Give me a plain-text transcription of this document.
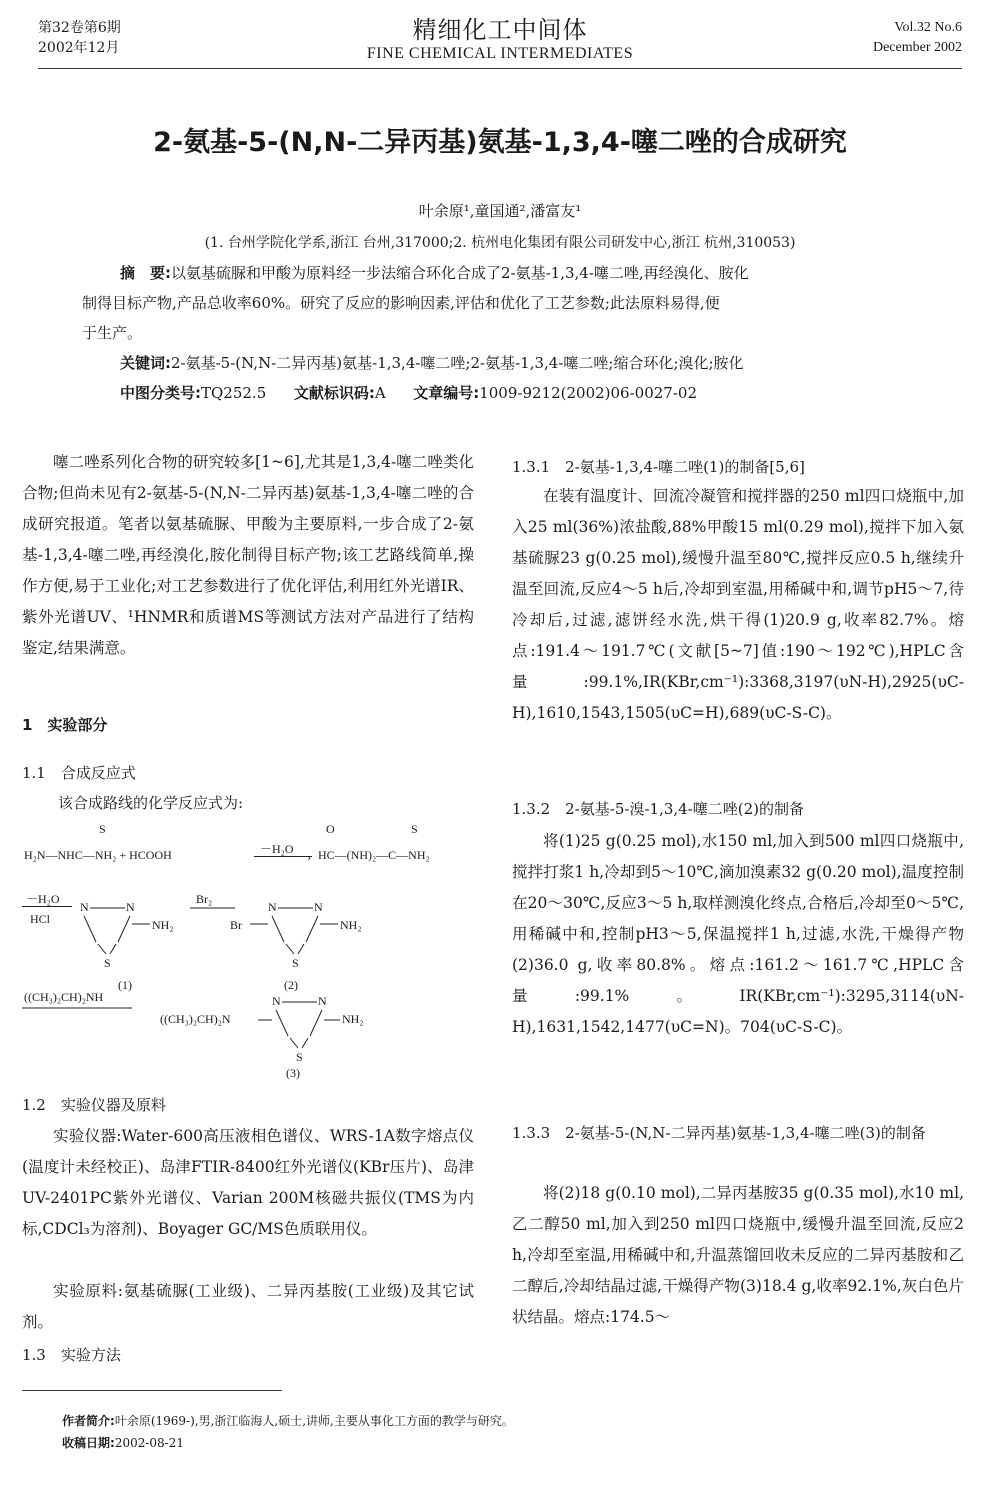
第32卷第6期
2002年12月
精细化工中间体
FINE CHEMICAL INTERMEDIATES
Vol.32 No.6
December 2002
2-氨基-5-(N,N-二异丙基)氨基-1,3,4-噻二唑的合成研究
叶余原¹,童国通²,潘富友¹
(1. 台州学院化学系,浙江 台州,317000;2. 杭州电化集团有限公司研发中心,浙江 杭州,310053)

摘　要:以氨基硫脲和甲酸为原料经一步法缩合环化合成了2-氨基-1,3,4-噻二唑,再经溴化、胺化

制得目标产物,产品总收率60%。研究了反应的影响因素,评估和优化了工艺参数;此法原料易得,便

于生产。

关键词:2-氨基-5-(N,N-二异丙基)氨基-1,3,4-噻二唑;2-氨基-1,3,4-噻二唑;缩合环化;溴化;胺化

中图分类号:TQ252.5 文献标识码:A 文章编号:1009-9212(2002)06-0027-02

噻二唑系列化合物的研究较多[1~6],尤其是1,3,4-噻二唑类化合物;但尚未见有2-氨基-5-(N,N-二异丙基)氨基-1,3,4-噻二唑的合成研究报道。笔者以氨基硫脲、甲酸为主要原料,一步合成了2-氨基-1,3,4-噻二唑,再经溴化,胺化制得目标产物;该工艺路线简单,操作方便,易于工业化;对工艺参数进行了优化评估,利用红外光谱IR、紫外光谱UV、¹HNMR和质谱MS等测试方法对产品进行了结构鉴定,结果满意。

1　实验部分
1.1　合成反应式
该合成路线的化学反应式为:
S
H₂N—NHC—NH₂ + HCOOH	－H₂O
›
O	S
HC—(NH)₂—C—NH₂
－H₂O
HCl
N	N
S
NH₂
(1)
Br₂
N	N
S
Br	NH₂
(2)
((CH₃)₂CH)₂NH	N	N
S
((CH₃)₂CH)₂N	NH₂
(3)
1.2　实验仪器及原料

实验仪器:Water-600高压液相色谱仪、WRS-1A数字熔点仪(温度计未经校正)、岛津FTIR-8400红外光谱仪(KBr压片)、岛津UV-2401PC紫外光谱仪、Varian 200M核磁共振仪(TMS为内标,CDCl₃为溶剂)、Boyager GC/MS色质联用仪。

实验原料:氨基硫脲(工业级)、二异丙基胺(工业级)及其它试剂。

1.3　实验方法
1.3.1　2-氨基-1,3,4-噻二唑(1)的制备[5,6]

在装有温度计、回流冷凝管和搅拌器的250 ml四口烧瓶中,加入25 ml(36%)浓盐酸,88%甲酸15 ml(0.29 mol),搅拌下加入氨基硫脲23 g(0.25 mol),缓慢升温至80℃,搅拌反应0.5 h,继续升温至回流,反应4～5 h后,冷却到室温,用稀碱中和,调节pH5～7,待冷却后,过滤,滤饼经水洗,烘干得(1)20.9 g,收率82.7%。熔点:191.4～191.7℃(文献[5~7]值:190～192℃),HPLC含量:99.1%,IR(KBr,cm⁻¹):3368,3197(υN-H),2925(υC-H),1610,1543,1505(υC=H),689(υC-S-C)。

1.3.2　2-氨基-5-溴-1,3,4-噻二唑(2)的制备

将(1)25 g(0.25 mol),水150 ml,加入到500 ml四口烧瓶中,搅拌打浆1 h,冷却到5～10℃,滴加溴素32 g(0.20 mol),温度控制在20～30℃,反应3～5 h,取样测溴化终点,合格后,冷却至0～5℃,用稀碱中和,控制pH3～5,保温搅拌1 h,过滤,水洗,干燥得产物(2)36.0 g,收率80.8%。熔点:161.2～161.7℃,HPLC含量:99.1%。IR(KBr,cm⁻¹):3295,3114(υN-H),1631,1542,1477(υC=N)。704(υC-S-C)。

1.3.3　2-氨基-5-(N,N-二异丙基)氨基-1,3,4-噻二唑(3)的制备

将(2)18 g(0.10 mol),二异丙基胺35 g(0.35 mol),水10 ml,乙二醇50 ml,加入到250 ml四口烧瓶中,缓慢升温至回流,反应2 h,冷却至室温,用稀碱中和,升温蒸馏回收未反应的二异丙基胺和乙二醇后,冷却结晶过滤,干燥得产物(3)18.4 g,收率92.1%,灰白色片状结晶。熔点:174.5～

作者简介:叶余原(1969-),男,浙江临海人,硕士,讲师,主要从事化工方面的教学与研究。
收稿日期:2002-08-21
